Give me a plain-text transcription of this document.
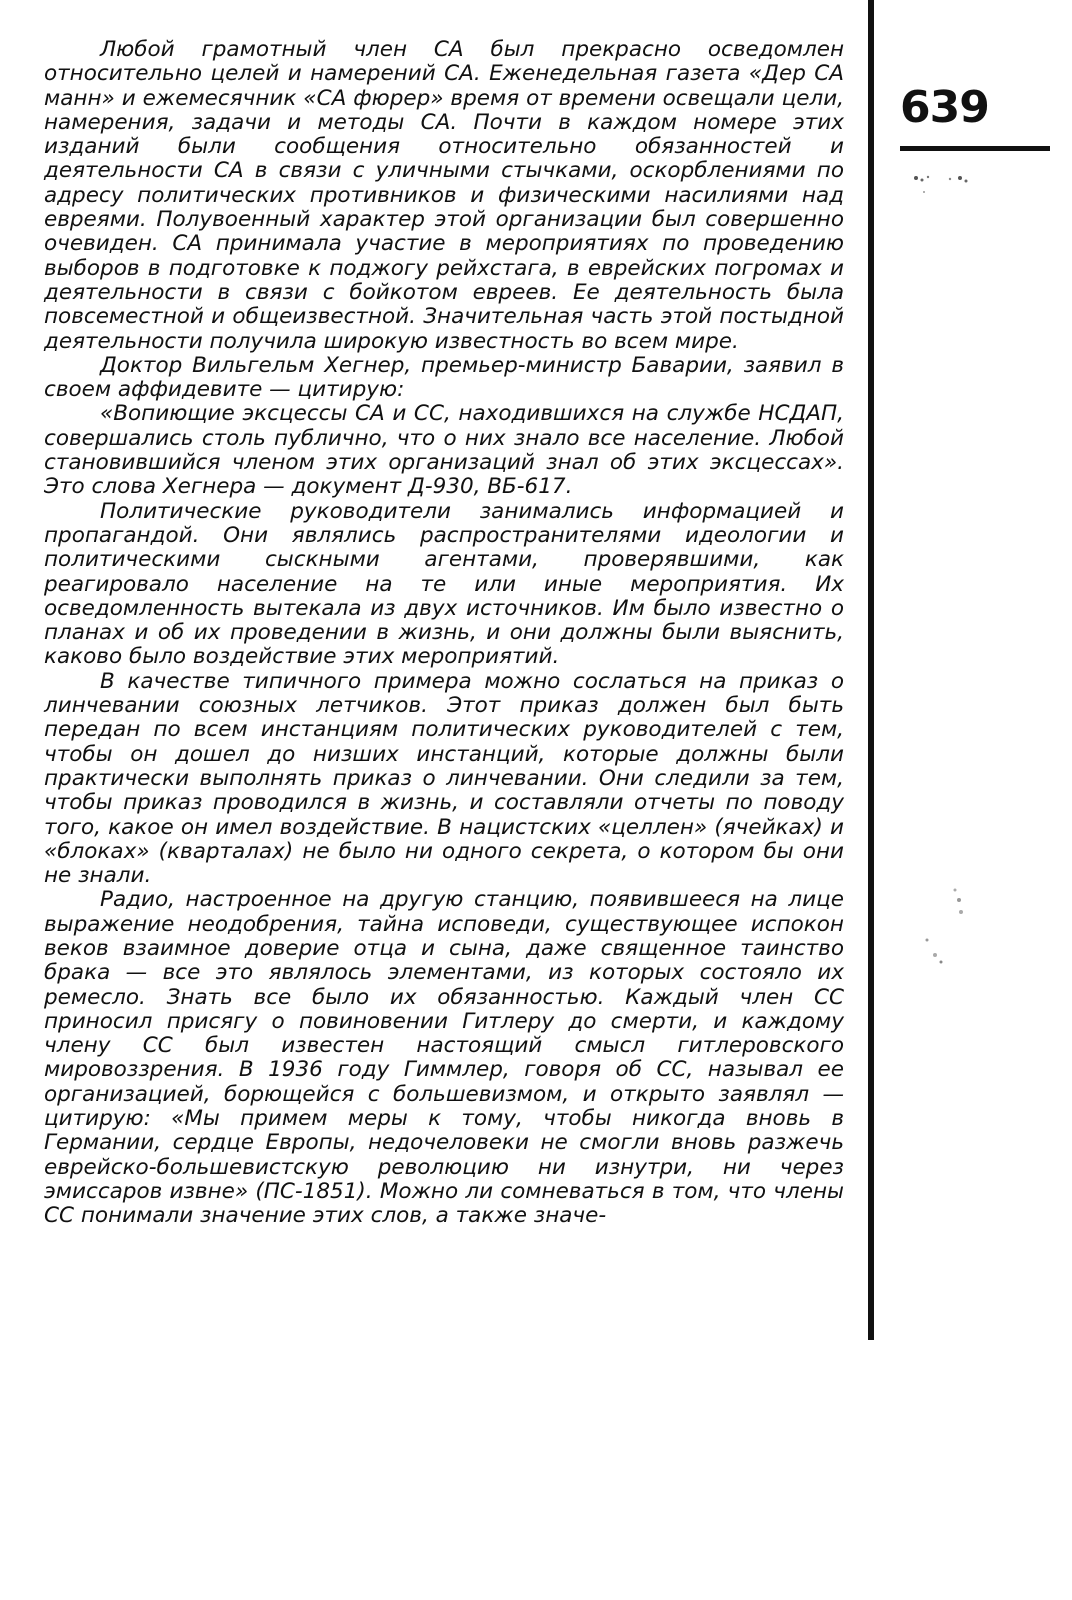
Любой грамотный член СА был прекрасно осведомлен относительно целей и намерений СА. Еженедельная газета «Дер СА манн» и ежемесячник «СА фюрер» время от времени освещали цели, намерения, задачи и методы СА. Почти в каждом номере этих изданий были сообщения относительно обязанностей и деятельности СА в связи с уличными стычками, оскорблениями по адресу политических противников и физическими насилиями над евреями. Полувоенный характер этой организации был совершенно очевиден. СА принимала участие в мероприятиях по проведению выборов в подготовке к поджогу рейхстага, в еврейских погромах и деятельности в связи с бойкотом евреев. Ее деятельность была повсеместной и общеизвестной. Значительная часть этой постыдной деятельности получила широкую известность во всем мире.

Доктор Вильгельм Хегнер, премьер-министр Баварии, заявил в своем аффидевите — цитирую:

«Вопиющие эксцессы СА и СС, находившихся на службе НСДАП, совершались столь публично, что о них знало все население. Любой становившийся членом этих организаций знал об этих эксцессах». Это слова Хегнера — документ Д-930, ВБ-617.

Политические руководители занимались информацией и пропагандой. Они являлись распространителями идеологии и политическими сыскными агентами, проверявшими, как реагировало население на те или иные мероприятия. Их осведомленность вытекала из двух источников. Им было известно о планах и об их проведении в жизнь, и они должны были выяснить, каково было воздействие этих мероприятий.

В качестве типичного примера можно сослаться на приказ о линчевании союзных летчиков. Этот приказ должен был быть передан по всем инстанциям политических руководителей с тем, чтобы он дошел до низших инстанций, которые должны были практически выполнять приказ о линчевании. Они следили за тем, чтобы приказ проводился в жизнь, и составляли отчеты по поводу того, какое он имел воздействие. В нацистских «целлен» (ячейках) и «блоках» (кварталах) не было ни одного секрета, о котором бы они не знали.

Радио, настроенное на другую станцию, появившееся на лице выражение неодобрения, тайна исповеди, существующее испокон веков взаимное доверие отца и сына, даже священное таинство брака — все это являлось элементами, из которых состояло их ремесло. Знать все было их обязанностью. Каждый член СС приносил присягу о повиновении Гитлеру до смерти, и каждому члену СС был известен настоящий смысл гитлеровского мировоззрения. В 1936 году Гиммлер, говоря об СС, называл ее организацией, борющейся с большевизмом, и открыто заявлял — цитирую: «Мы примем меры к тому, чтобы никогда вновь в Германии, сердце Европы, недочеловеки не смогли вновь разжечь еврейско-большевистскую революцию ни изнутри, ни через эмиссаров извне» (ПС-1851). Можно ли сомневаться в том, что члены СС понимали значение этих слов, а также значе-

639
